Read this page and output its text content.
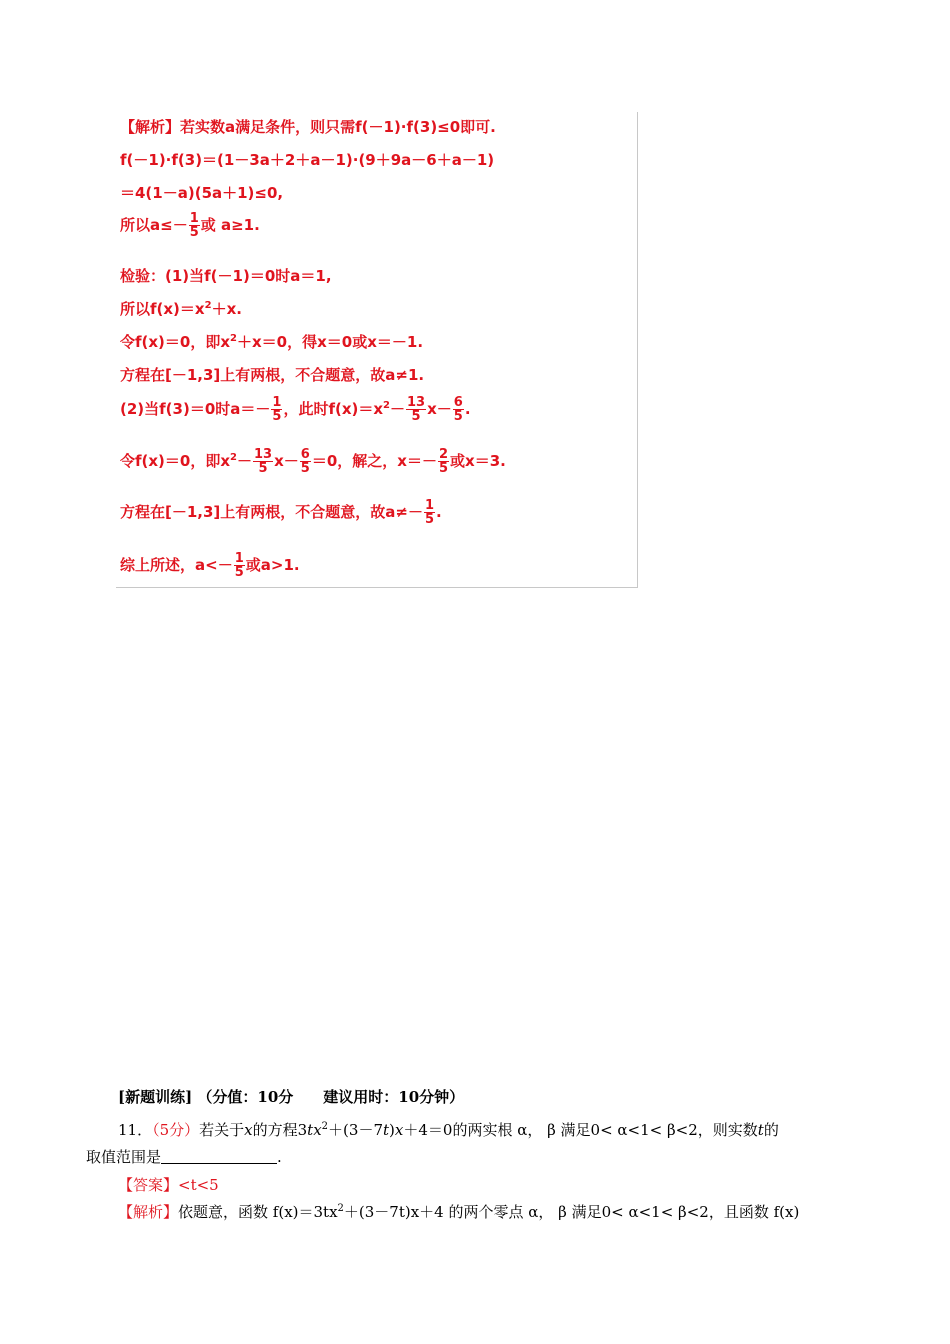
【解析】若实数a满足条件，则只需f(－1)·f(3)≤0即可.
f(－1)·f(3)＝(1－3a＋2＋a－1)·(9＋9a－6＋a－1)
＝4(1－a)(5a＋1)≤0,
所以$a\le- \frac{1}{5}$ 或 a≥1.
检验：(1)当f(－1)＝0时a＝1,
所以$f(x)=x^2+x$.
令f(x)＝0，即$x^2+x=0$，得x＝0或x＝－1.
方程在[－1,3]上有两根，不合题意，故a≠1.
(2)当f(3)＝0时$a=- \frac{1}{5}$ ，此时$f(x)=x^2- \frac{13}{5} x- \frac{6}{5}$ .
令f(x)＝0，即$x^2- \frac{13}{5} x- \frac{6}{5} =0$，解之，$x=- \frac{2}{5}$ 或x＝3.
方程在[－1,3]上有两根，不合题意，故$a\ne- \frac{1}{5}$ .
综上所述，$a<- \frac{1}{5}$ 或a>1.
[新题训练] （分值：10分　　建议用时：10分钟）
11．（5分）若关于x的方程$3tx^2+(3-7t)x+4=0$的两实根 α， β 满足0< α<1< β<2，则实数t的
取值范围是	.
【答案】<t<5
【解析】依题意，函数 $f(x)=3tx^2+(3-7t)x+4$ 的两个零点 α， β 满足0< α<1< β<2，且函数 f(x)
